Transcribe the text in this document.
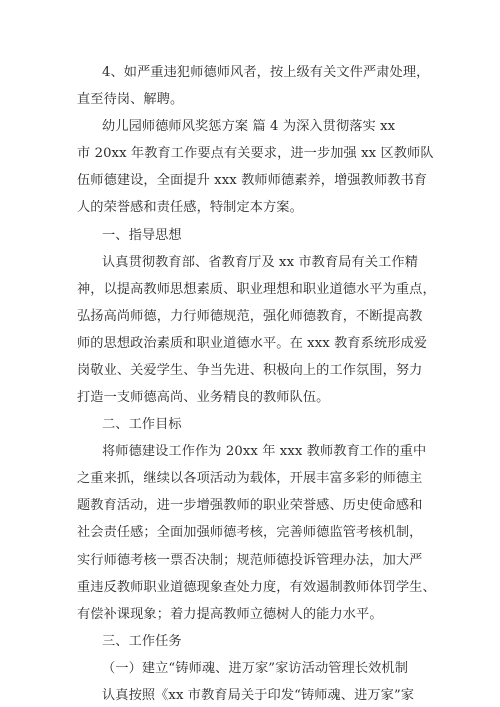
4、如严重违犯师德师风者，按上级有关文件严肃处理，
直至待岗、解聘。
幼儿园师德师风奖惩方案 篇 4 为深入贯彻落实 xx
市 20xx 年教育工作要点有关要求，进一步加强 xx 区教师队
伍师德建设，全面提升 xxx 教师师德素养，增强教师教书育
人的荣誉感和责任感，特制定本方案。
一、指导思想
认真贯彻教育部、省教育厅及 xx 市教育局有关工作精
神，以提高教师思想素质、职业理想和职业道德水平为重点，
弘扬高尚师德，力行师德规范，强化师德教育，不断提高教
师的思想政治素质和职业道德水平。在 xxx 教育系统形成爱
岗敬业、关爱学生、争当先进、积极向上的工作氛围，努力
打造一支师德高尚、业务精良的教师队伍。
二、工作目标
将师德建设工作作为 20xx 年 xxx 教师教育工作的重中
之重来抓，继续以各项活动为载体，开展丰富多彩的师德主
题教育活动，进一步增强教师的职业荣誉感、历史使命感和
社会责任感；全面加强师德考核，完善师德监管考核机制，
实行师德考核一票否决制；规范师德投诉管理办法，加大严
重违反教师职业道德现象查处力度，有效遏制教师体罚学生、
有偿补课现象；着力提高教师立德树人的能力水平。
三、工作任务
（一）建立“铸师魂、进万家”家访活动管理长效机制
认真按照《xx 市教育局关于印发“铸师魂、进万家”家
